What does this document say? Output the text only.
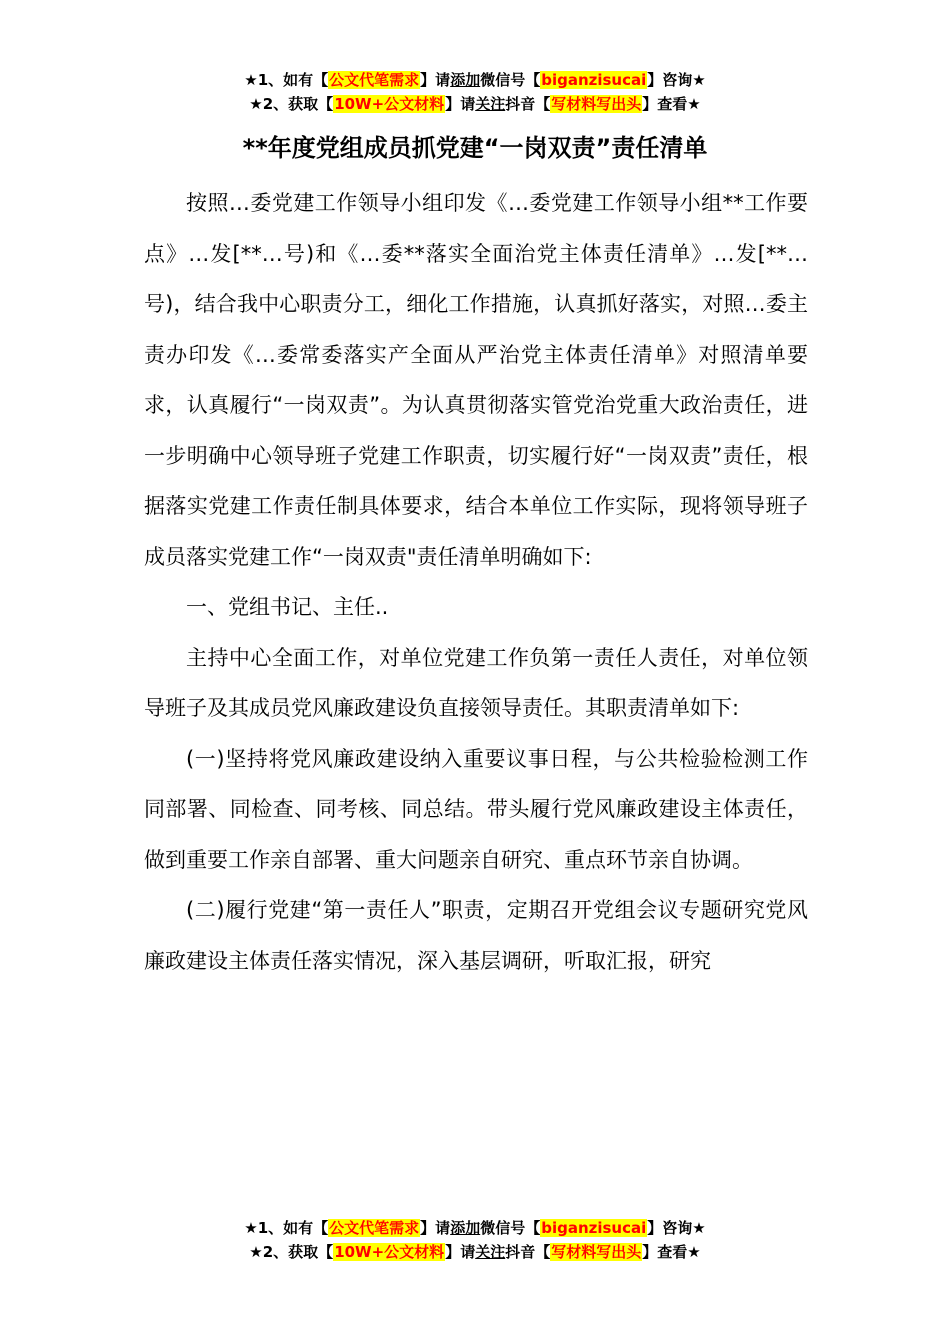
★1、如有【公文代笔需求】请添加微信号【biganzisucai】咨询★
★2、获取【10W+公文材料】请关注抖音【写材料写出头】查看★
**年度党组成员抓党建“一岗双责”责任清单

按照…委党建工作领导小组印发《…委党建工作领导小组**工作要点》…发[**…号)和《…委**落实全面治党主体责任清单》…发[**…号)，结合我中心职责分工，细化工作措施，认真抓好落实，对照…委主责办印发《…委常委落实产全面从严治党主体责任清单》对照清单要求，认真履行“一岗双责”。为认真贯彻落实管党治党重大政治责任，进一步明确中心领导班子党建工作职责，切实履行好“一岗双责”责任，根据落实党建工作责任制具体要求，结合本单位工作实际，现将领导班子成员落实党建工作“一岗双责"责任清单明确如下:

一、党组书记、主任..

主持中心全面工作，对单位党建工作负第一责任人责任，对单位领导班子及其成员党风廉政建设负直接领导责任。其职责清单如下:

(一)坚持将党风廉政建设纳入重要议事日程，与公共检验检测工作同部署、同检查、同考核、同总结。带头履行党风廉政建设主体责任，做到重要工作亲自部署、重大问题亲自研究、重点环节亲自协调。

(二)履行党建“第一责任人”职责，定期召开党组会议专题研究党风廉政建设主体责任落实情况，深入基层调研，听取汇报，研究

★1、如有【公文代笔需求】请添加微信号【biganzisucai】咨询★
★2、获取【10W+公文材料】请关注抖音【写材料写出头】查看★
